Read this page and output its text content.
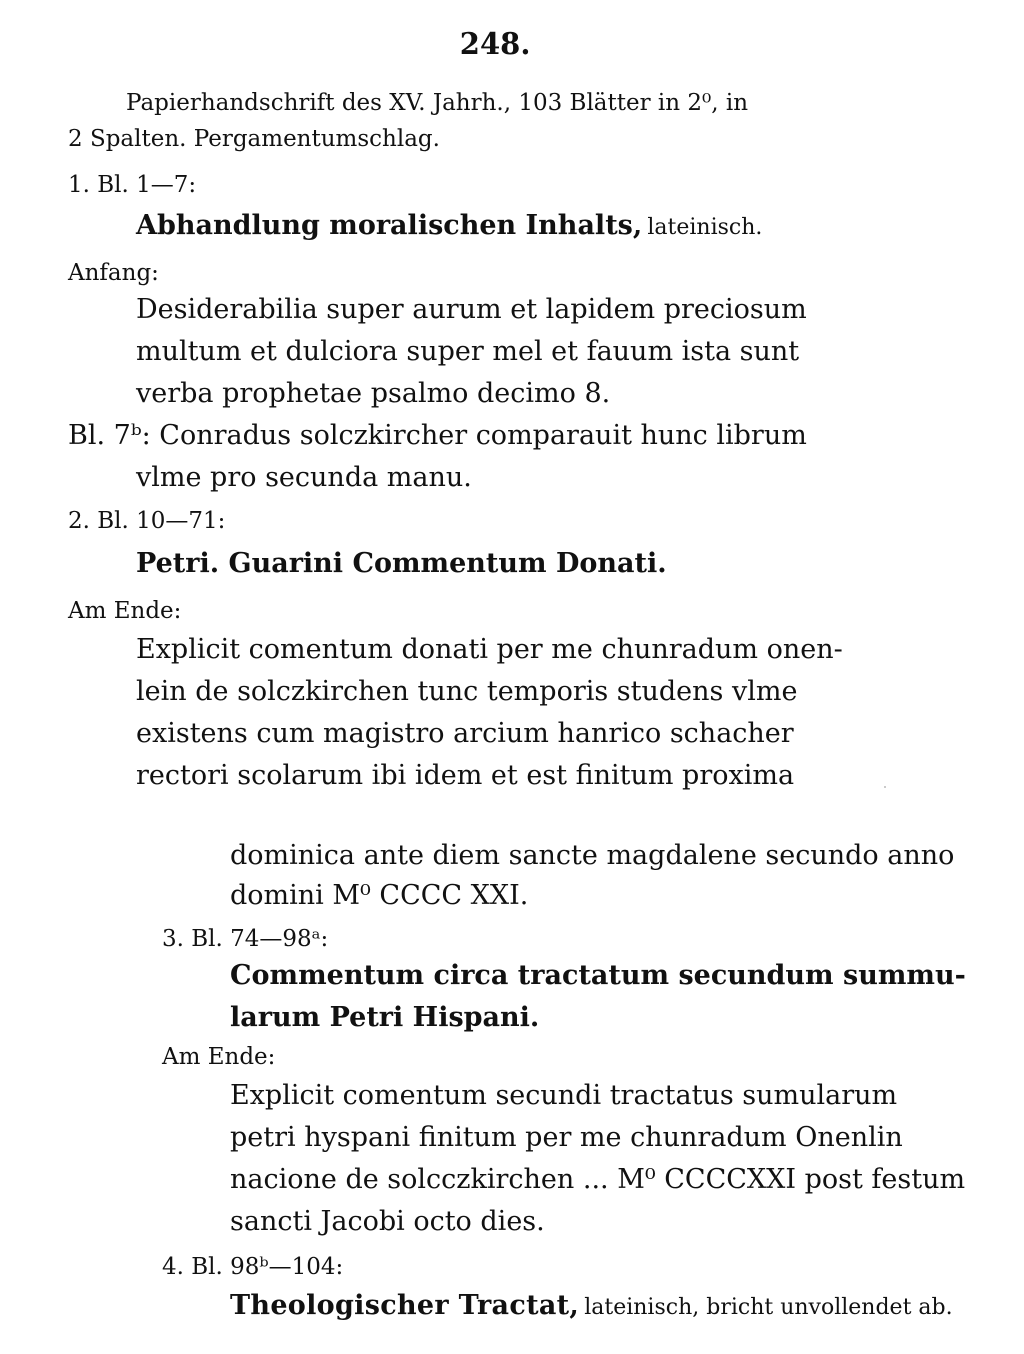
248.
Papierhandschrift des XV. Jahrh., 103 Blätter in 2⁰, in
2 Spalten. Pergamentumschlag.
1. Bl. 1—7:
Abhandlung moralischen Inhalts, lateinisch.
Anfang:
Desiderabilia super aurum et lapidem preciosum
multum et dulciora super mel et fauum ista sunt
verba prophetae psalmo decimo 8.
Bl. 7ᵇ: Conradus solczkircher comparauit hunc librum
vlme pro secunda manu.
2. Bl. 10—71:
Petri. Guarini Commentum Donati.
Am Ende:
Explicit comentum donati per me chunradum onen-
lein de solczkirchen tunc temporis studens vlme
existens cum magistro arcium hanrico schacher
rectori scolarum ibi idem et est finitum proxima
dominica ante diem sancte magdalene secundo anno
domini M⁰ CCCC XXI.
3. Bl. 74—98ᵃ:
Commentum circa tractatum secundum summu-
larum Petri Hispani.
Am Ende:
Explicit comentum secundi tractatus sumularum
petri hyspani finitum per me chunradum Onenlin
nacione de solcczkirchen ... M⁰ CCCCXXI post festum
sancti Jacobi octo dies.
4. Bl. 98ᵇ—104:
Theologischer Tractat, lateinisch, bricht unvollendet ab.
